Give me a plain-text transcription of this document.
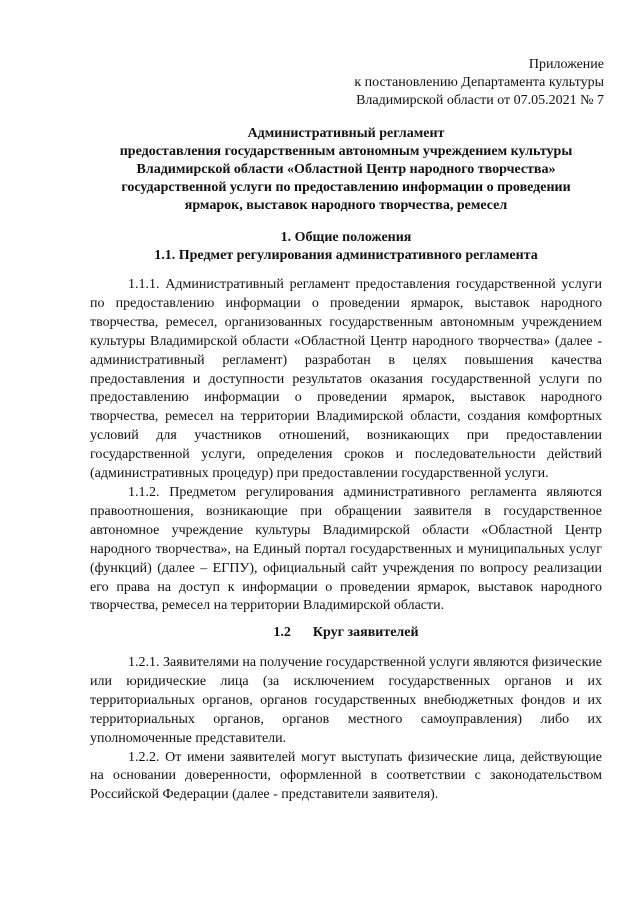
Приложение
к постановлению Департамента культуры
Владимирской области от 07.05.2021 № 7
Административный регламент
предоставления государственным автономным учреждением культуры
Владимирской области «Областной Центр народного творчества»
государственной услуги по предоставлению информации о проведении
ярмарок, выставок народного творчества, ремесел
1. Общие положения
1.1. Предмет регулирования административного регламента

1.1.1. Административный регламент предоставления государственной услуги по предоставлению информации о проведении ярмарок, выставок народного творчества, ремесел, организованных государственным автономным учреждением культуры Владимирской области «Областной Центр народного творчества» (далее - административный регламент) разработан в целях повышения качества предоставления и доступности результатов оказания государственной услуги по предоставлению информации о проведении ярмарок, выставок народного творчества, ремесел на территории Владимирской области, создания комфортных условий для участников отношений, возникающих при предоставлении государственной услуги, определения сроков и последовательности действий (административных процедур) при предоставлении государственной услуги.

1.1.2. Предметом регулирования административного регламента являются правоотношения, возникающие при обращении заявителя в государственное автономное учреждение культуры Владимирской области «Областной Центр народного творчества», на Единый портал государственных и муниципальных услуг (функций) (далее – ЕГПУ), официальный сайт учреждения по вопросу реализации его права на доступ к информации о проведении ярмарок, выставок народного творчества, ремесел на территории Владимирской области.

1.2 Круг заявителей

1.2.1. Заявителями на получение государственной услуги являются физические или юридические лица (за исключением государственных органов и их территориальных органов, органов государственных внебюджетных фондов и их территориальных органов, органов местного самоуправления) либо их уполномоченные представители.

1.2.2. От имени заявителей могут выступать физические лица, действующие на основании доверенности, оформленной в соответствии с законодательством Российской Федерации (далее - представители заявителя).
